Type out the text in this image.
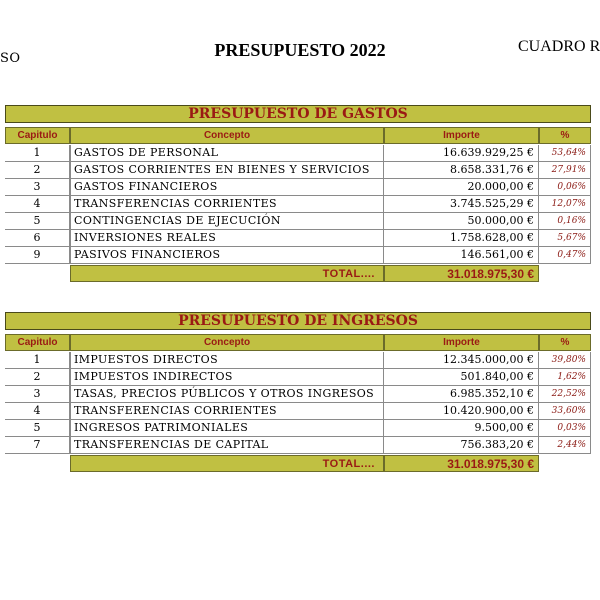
SO	PRESUPUESTO 2022	CUADRO R
PRESUPUESTO DE GASTOS
Capitulo	Concepto	Importe	%
1	GASTOS DE PERSONAL	16.639.929,25 €	53,64%
2	GASTOS CORRIENTES EN BIENES Y SERVICIOS	8.658.331,76 €	27,91%
3	GASTOS FINANCIEROS	20.000,00 €	0,06%
4	TRANSFERENCIAS CORRIENTES	3.745.525,29 €	12,07%
5	CONTINGENCIAS DE EJECUCIÓN	50.000,00 €	0,16%
6	INVERSIONES REALES	1.758.628,00 €	5,67%
9	PASIVOS FINANCIEROS	146.561,00 €	0,47%
TOTAL....	31.018.975,30 €
PRESUPUESTO DE INGRESOS
Capitulo	Concepto	Importe	%
1	IMPUESTOS DIRECTOS	12.345.000,00 €	39,80%
2	IMPUESTOS INDIRECTOS	501.840,00 €	1,62%
3	TASAS, PRECIOS PÚBLICOS Y OTROS INGRESOS	6.985.352,10 €	22,52%
4	TRANSFERENCIAS CORRIENTES	10.420.900,00 €	33,60%
5	INGRESOS PATRIMONIALES	9.500,00 €	0,03%
7	TRANSFERENCIAS DE CAPITAL	756.383,20 €	2,44%
TOTAL....	31.018.975,30 €
